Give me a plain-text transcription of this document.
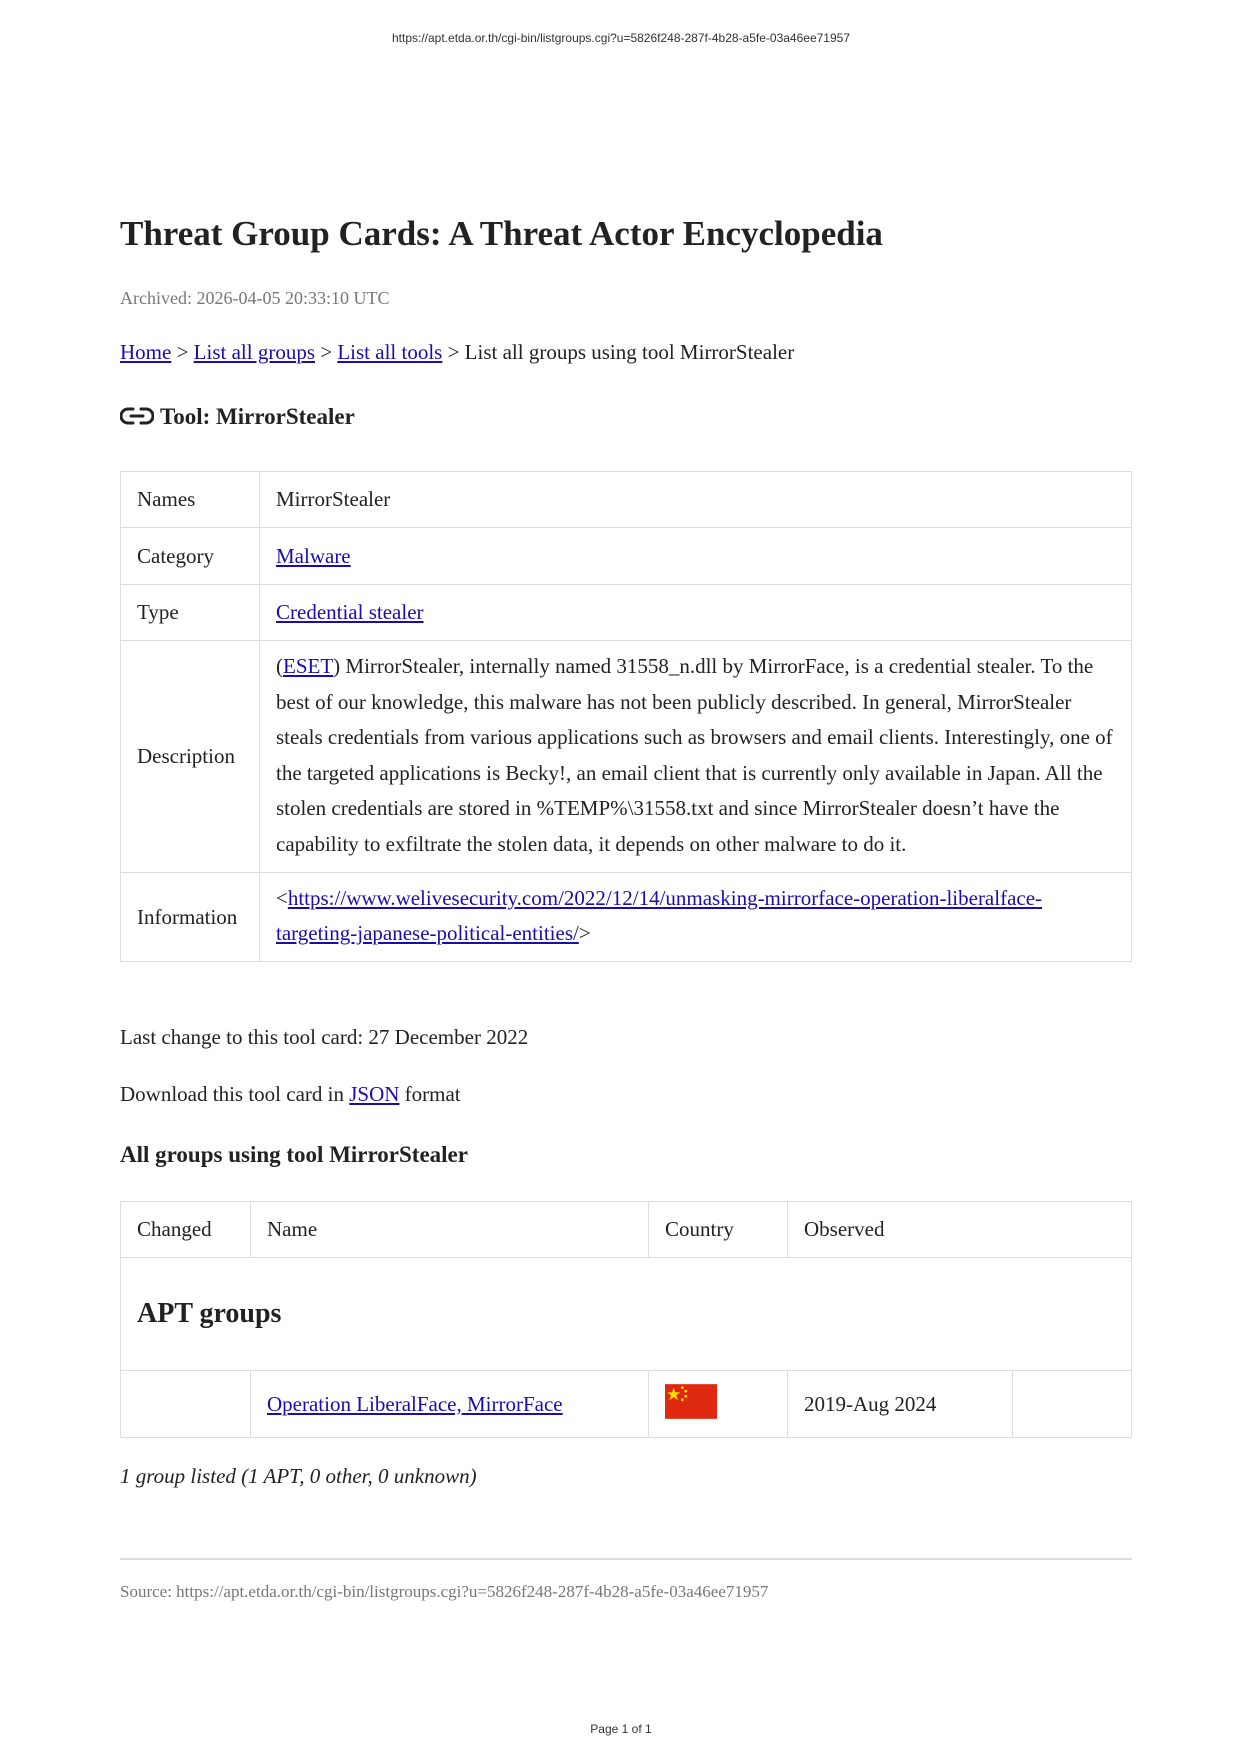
https://apt.etda.or.th/cgi-bin/listgroups.cgi?u=5826f248-287f-4b28-a5fe-03a46ee71957
Threat Group Cards: A Threat Actor Encyclopedia
Archived: 2026-04-05 20:33:10 UTC
Home > List all groups > List all tools > List all groups using tool MirrorStealer
Tool: MirrorStealer
Names	MirrorStealer
Category	Malware
Type	Credential stealer
Description	(ESET) MirrorStealer, internally named 31558_n.dll by MirrorFace, is a credential stealer. To the best of our knowledge, this malware has not been publicly described. In general, MirrorStealer steals credentials from various applications such as browsers and email clients. Interestingly, one of the targeted applications is Becky!, an email client that is currently only available in Japan. All the stolen credentials are stored in %TEMP%\31558.txt and since MirrorStealer doesn’t have the capability to exfiltrate the stolen data, it depends on other malware to do it.
Information	<https://www.welivesecurity.com/2022/12/14/unmasking-mirrorface-operation-liberalface-targeting-japanese-political-entities/>
Last change to this tool card: 27 December 2022
Download this tool card in JSON format
All groups using tool MirrorStealer
Changed	Name	Country	Observed	
APT groups				
	Operation LiberalFace, MirrorFace		2019-Aug 2024	
1 group listed (1 APT, 0 other, 0 unknown)
Source: https://apt.etda.or.th/cgi-bin/listgroups.cgi?u=5826f248-287f-4b28-a5fe-03a46ee71957
Page 1 of 1
